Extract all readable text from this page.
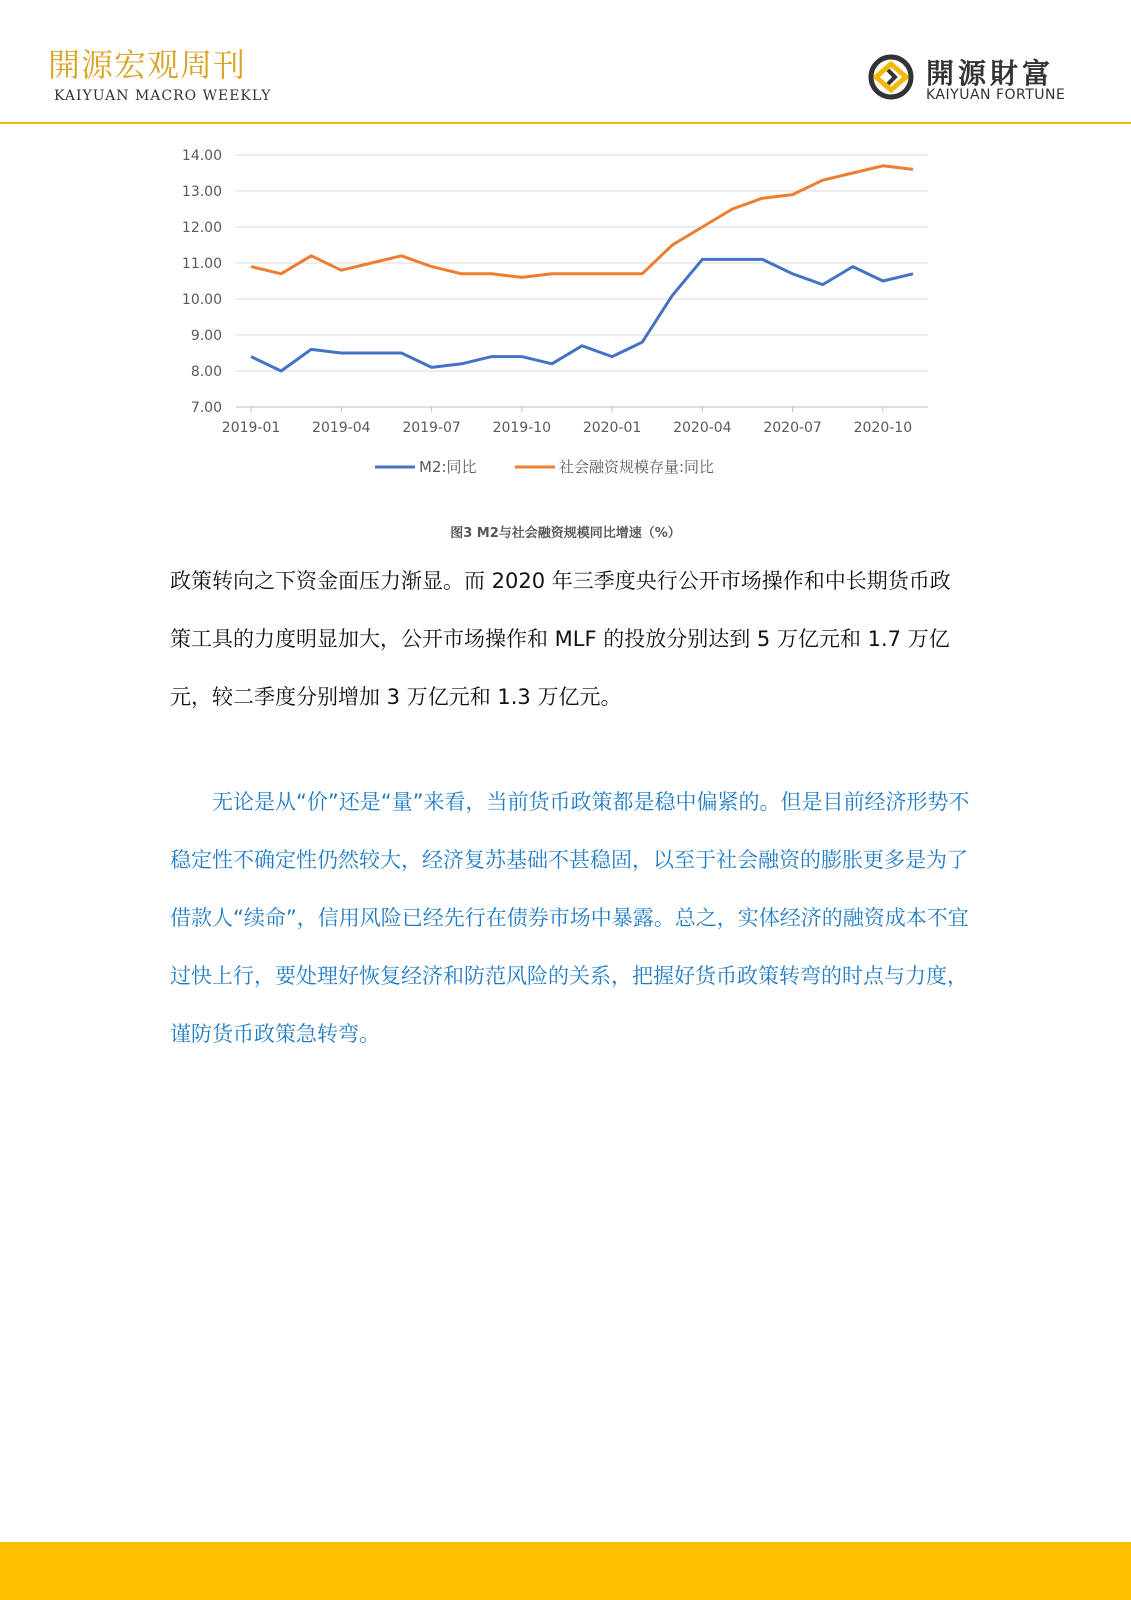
開源宏观周刊
KAIYUAN MACRO WEEKLY
開源財富
KAIYUAN FORTUNE
7.00
8.00
9.00
10.00
11.00
12.00
13.00
14.00
2019-01 2019-04 2019-07 2019-10 2020-01 2020-04 2020-07 2020-10
M2:同比	社会融资规模存量:同比
图3 M2与社会融资规模同比增速（%）

政策转向之下资金面压力渐显。而 2020 年三季度央行公开市场操作和中长期货币政策工具的力度明显加大，公开市场操作和 MLF 的投放分别达到 5 万亿元和 1.7 万亿元，较二季度分别增加 3 万亿元和 1.3 万亿元。

无论是从“价”还是“量”来看，当前货币政策都是稳中偏紧的。但是目前经济形势不稳定性不确定性仍然较大，经济复苏基础不甚稳固，以至于社会融资的膨胀更多是为了借款人“续命”，信用风险已经先行在债券市场中暴露。总之，实体经济的融资成本不宜过快上行，要处理好恢复经济和防范风险的关系，把握好货币政策转弯的时点与力度，谨防货币政策急转弯。
